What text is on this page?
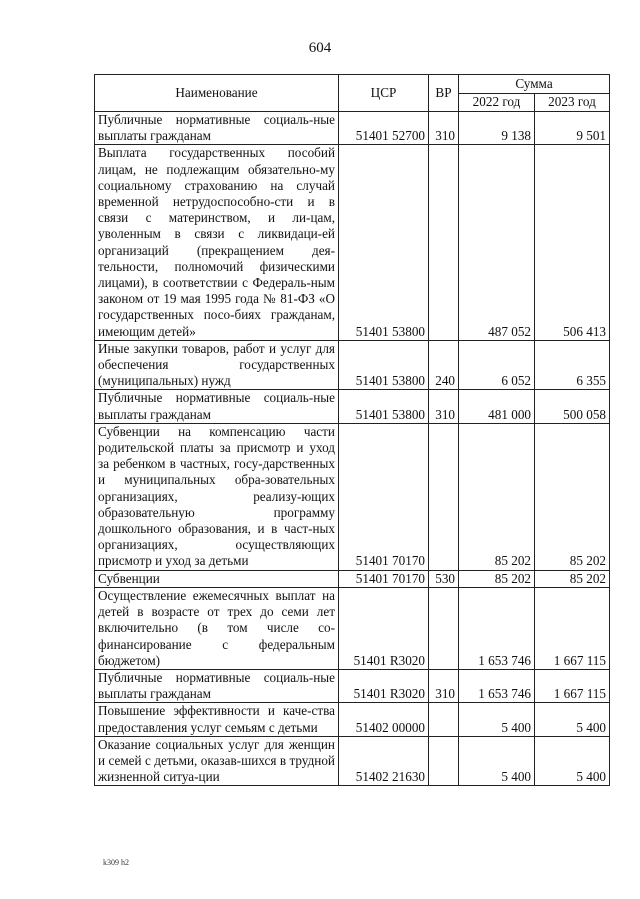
604
Наименование	ЦСР	ВР	Сумма	
			2022 год	2023 год
Публичные нормативные социаль-ные выплаты гражданам	51401 52700	310	9 138	9 501
Выплата государственных пособий лицам, не подлежащим обязательно-му социальному страхованию на случай временной нетрудоспособно-сти и в связи с материнством, и ли-цам, уволенным в связи с ликвидаци-ей организаций (прекращением дея-тельности, полномочий физическими лицами), в соответствии с Федераль-ным законом от 19 мая 1995 года № 81-ФЗ «О государственных посо-биях гражданам, имеющим детей»	51401 53800		487 052	506 413
Иные закупки товаров, работ и услуг для обеспечения государственных (муниципальных) нужд	51401 53800	240	6 052	6 355
Публичные нормативные социаль-ные выплаты гражданам	51401 53800	310	481 000	500 058
Субвенции на компенсацию части родительской платы за присмотр и уход за ребенком в частных, госу-дарственных и муниципальных обра-зовательных организациях, реализу-ющих образовательную программу дошкольного образования, и в част-ных организациях, осуществляющих присмотр и уход за детьми	51401 70170		85 202	85 202
Субвенции	51401 70170	530	85 202	85 202
Осуществление ежемесячных выплат на детей в возрасте от трех до семи лет включительно (в том числе со-финансирование с федеральным бюджетом)	51401 R3020		1 653 746	1 667 115
Публичные нормативные социаль-ные выплаты гражданам	51401 R3020	310	1 653 746	1 667 115
Повышение эффективности и каче-ства предоставления услуг семьям с детьми	51402 00000		5 400	5 400
Оказание социальных услуг для женщин и семей с детьми, оказав-шихся в трудной жизненной ситуа-ции	51402 21630		5 400	5 400
k309 h2
